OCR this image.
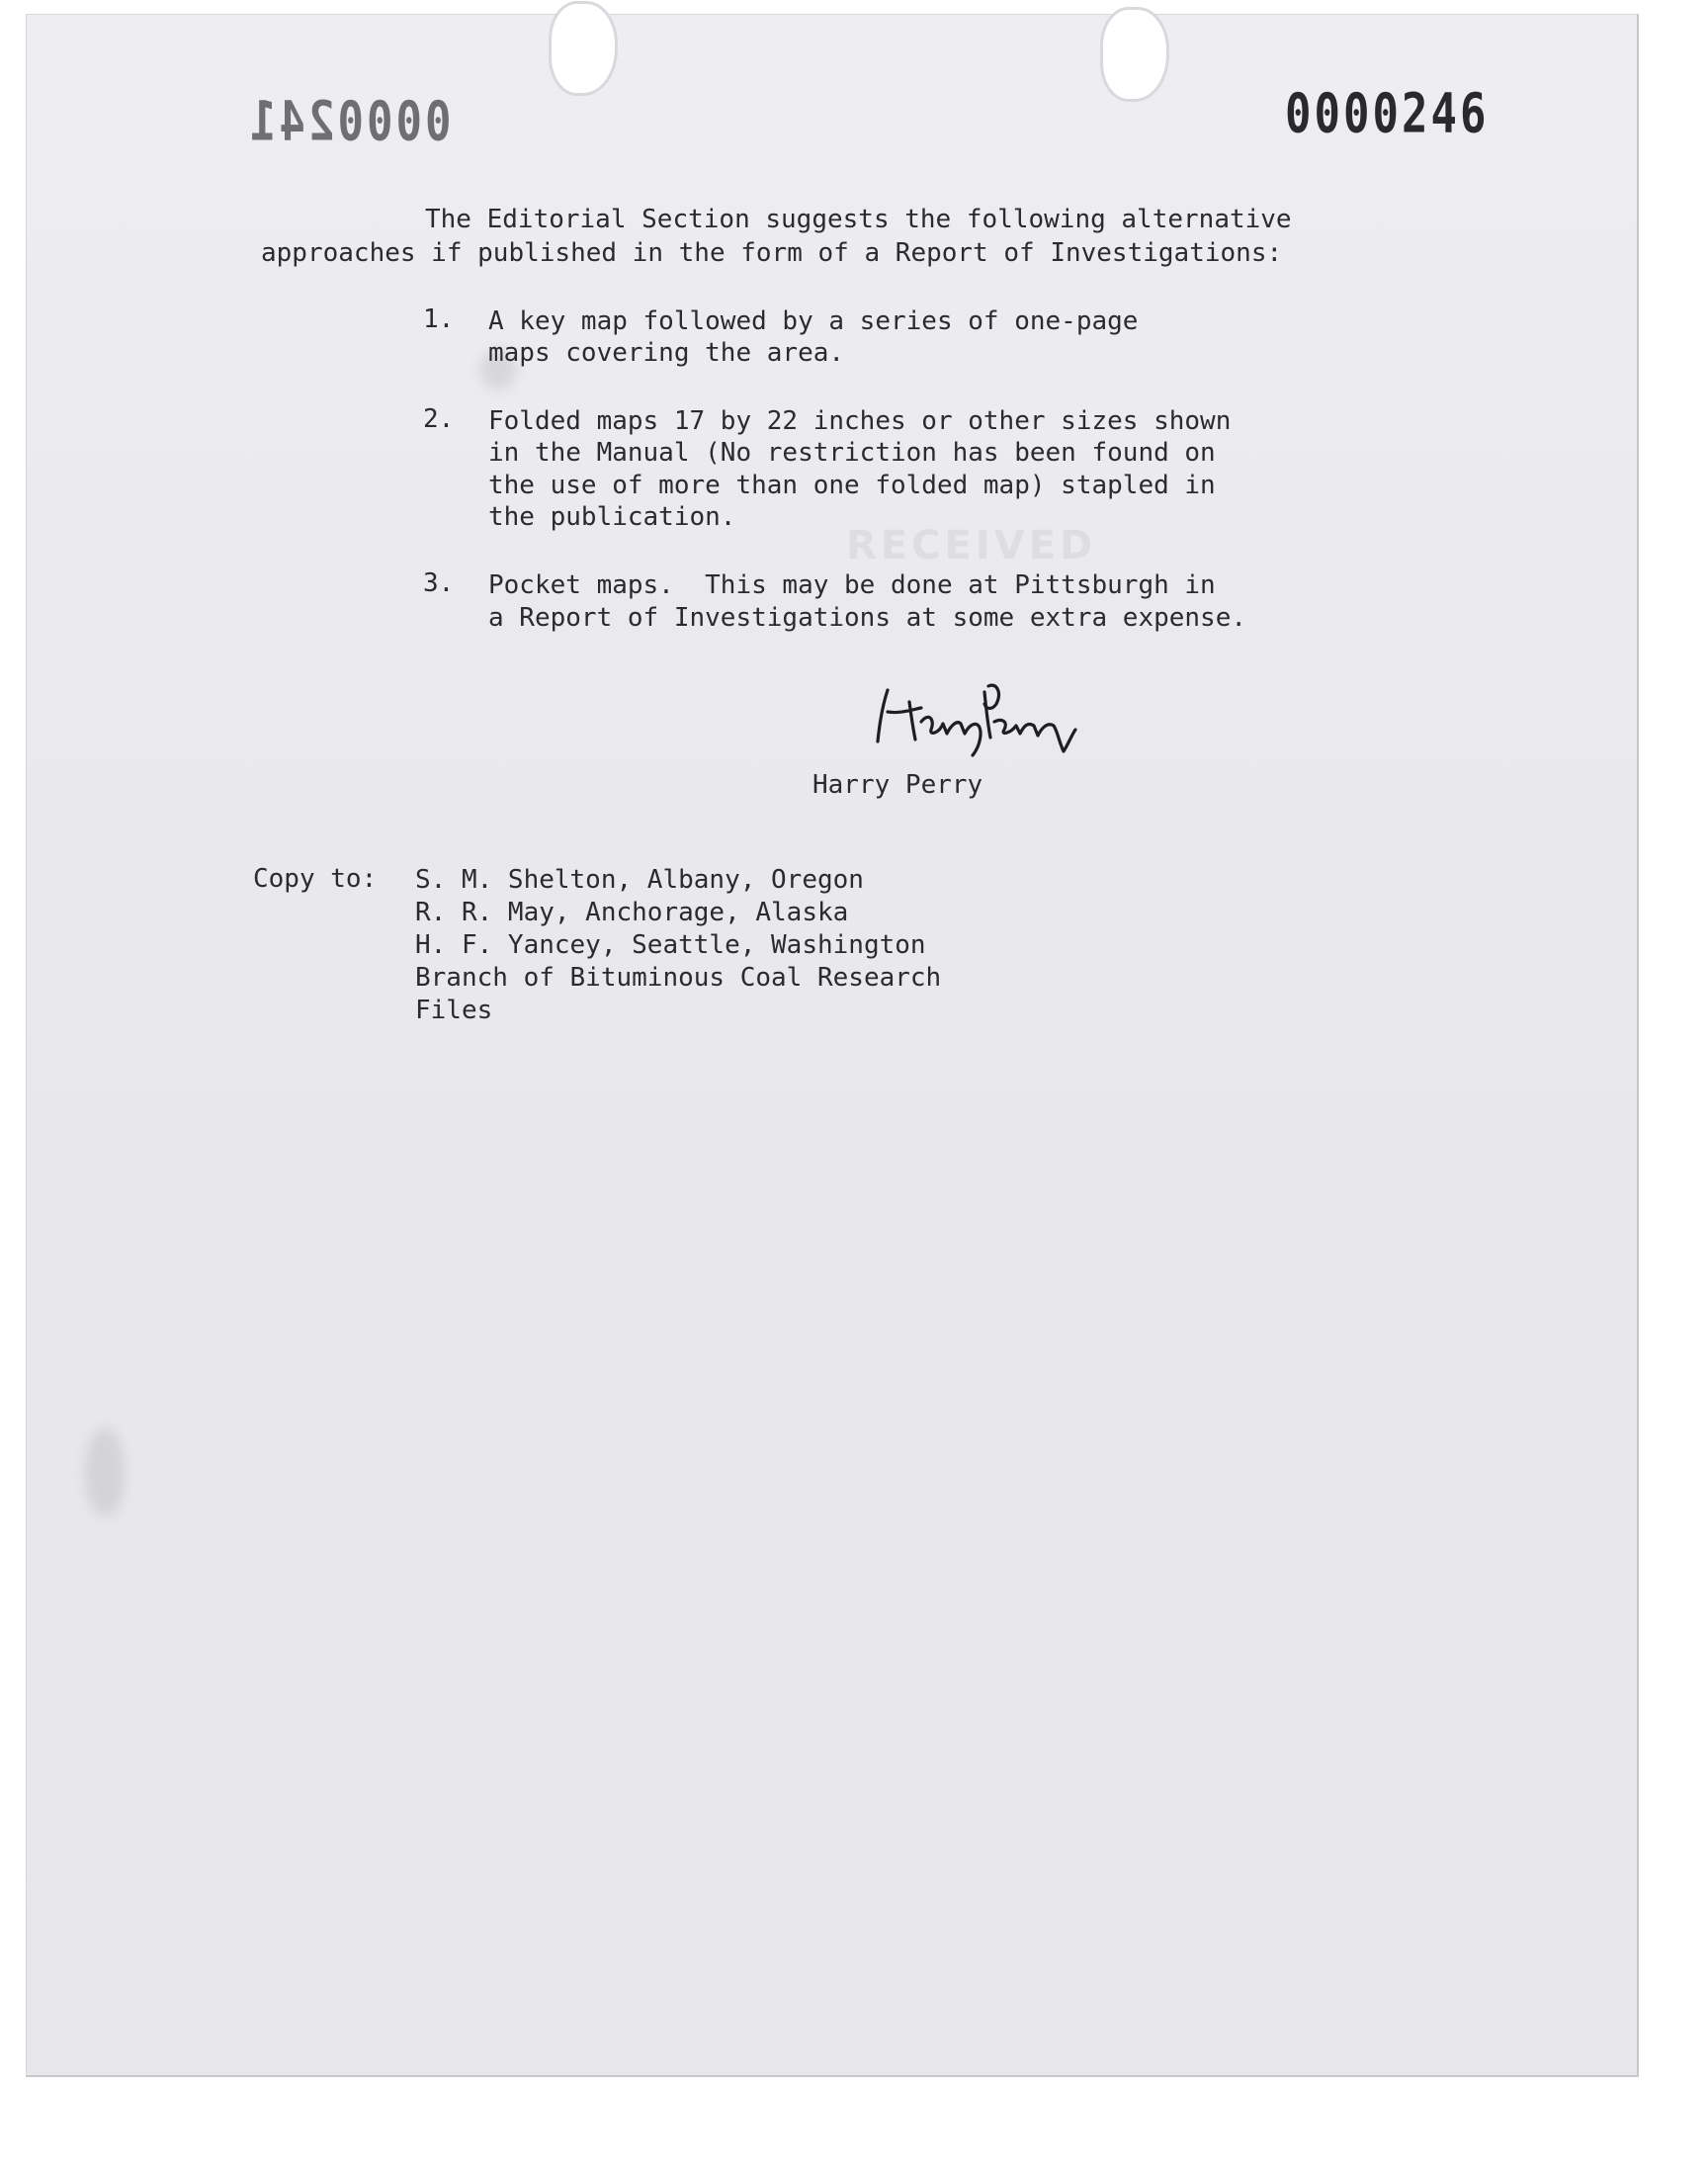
RECEIVED
0000241	0000246
The Editorial Section suggests the following alternative
approaches if published in the form of a Report of Investigations:
1. A key map followed by a series of one-page
maps covering the area.
2. Folded maps 17 by 22 inches or other sizes shown
in the Manual (No restriction has been found on
the use of more than one folded map) stapled in
the publication.
3. Pocket maps.  This may be done at Pittsburgh in
a Report of Investigations at some extra expense.
Harry Perry
Copy to: S. M. Shelton, Albany, Oregon
R. R. May, Anchorage, Alaska
H. F. Yancey, Seattle, Washington
Branch of Bituminous Coal Research
Files
